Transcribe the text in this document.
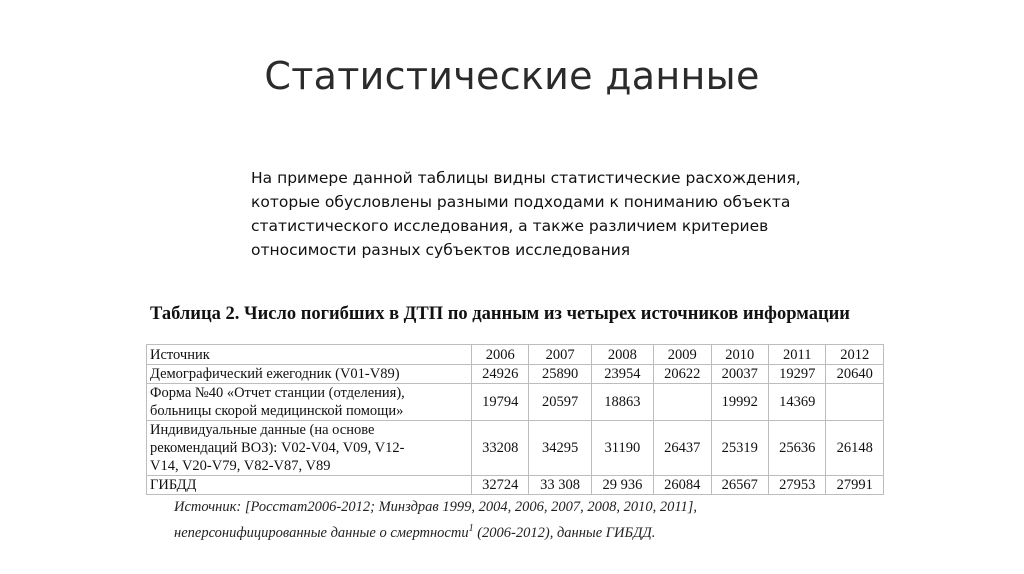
Статистические данные
На примере данной таблицы видны статистические расхождения,
которые обусловлены разными подходами к пониманию объекта
статистического исследования, а также различием критериев
относимости разных субъектов исследования
Таблица 2. Число погибших в ДТП по данным из четырех источников информации
Источник	2006	2007	2008	2009	2010	2011	2012

Демографический ежегодник (V01-V89)	24926	25890	23954	20622	20037	19297	20640

Форма №40 «Отчет станции (отделения),
больницы скорой медицинской помощи»	19794	20597	18863		19992	14369	

Индивидуальные данные (на основе
рекомендаций ВОЗ): V02-V04, V09, V12-
V14, V20-V79, V82-V87, V89	33208	34295	31190	26437	25319	25636	26148

ГИБДД	32724	33 308	29 936	26084	26567	27953	27991
Источник: [Росстат2006-2012; Минздрав 1999, 2004, 2006, 2007, 2008, 2010, 2011],
неперсонифицированные данные о смертности$^1$ (2006-2012), данные ГИБДД.
